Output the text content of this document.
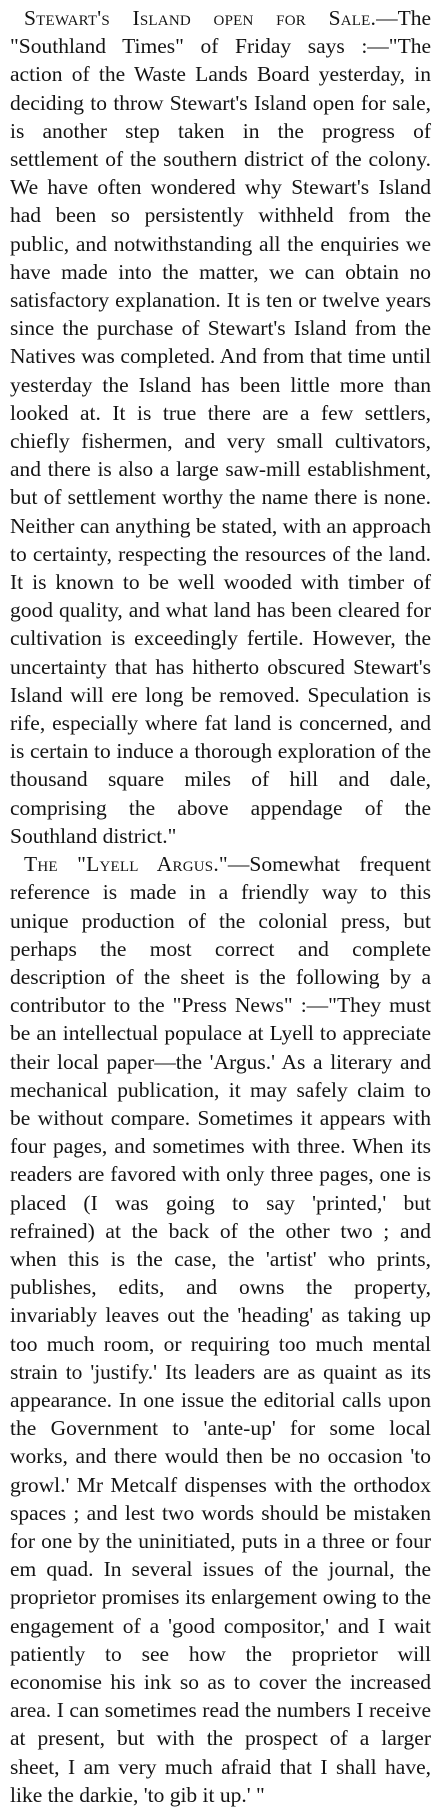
Stewart's Island open for Sale.—The "Southland Times" of Friday says :—"The action of the Waste Lands Board yesterday, in deciding to throw Stewart's Island open for sale, is another step taken in the progress of settlement of the southern district of the colony. We have often wondered why Stewart's Island had been so persistently withheld from the public, and notwithstanding all the enquiries we have made into the matter, we can obtain no satisfactory explanation. It is ten or twelve years since the purchase of Stewart's Island from the Natives was completed. And from that time until yesterday the Island has been little more than looked at. It is true there are a few settlers, chiefly fishermen, and very small cultivators, and there is also a large saw-mill establishment, but of settlement worthy the name there is none. Neither can anything be stated, with an approach to certainty, respecting the resources of the land. It is known to be well wooded with timber of good quality, and what land has been cleared for cultivation is exceedingly fertile. However, the uncertainty that has hitherto obscured Stewart's Island will ere long be removed. Speculation is rife, especially where fat land is concerned, and is certain to induce a thorough exploration of the thousand square miles of hill and dale, comprising the above appendage of the Southland district."

The "Lyell Argus."—Somewhat frequent reference is made in a friendly way to this unique production of the colonial press, but perhaps the most correct and complete description of the sheet is the following by a contributor to the "Press News" :—"They must be an intellectual populace at Lyell to appreciate their local paper—the 'Argus.' As a literary and mechanical publication, it may safely claim to be without compare. Sometimes it appears with four pages, and sometimes with three. When its readers are favored with only three pages, one is placed (I was going to say 'printed,' but refrained) at the back of the other two ; and when this is the case, the 'artist' who prints, publishes, edits, and owns the property, invariably leaves out the 'heading' as taking up too much room, or requiring too much mental strain to 'justify.' Its leaders are as quaint as its appearance. In one issue the editorial calls upon the Government to 'ante-up' for some local works, and there would then be no occasion 'to growl.' Mr Metcalf dispenses with the orthodox spaces ; and lest two words should be mistaken for one by the uninitiated, puts in a three or four em quad. In several issues of the journal, the proprietor promises its enlargement owing to the engagement of a 'good compositor,' and I wait patiently to see how the proprietor will economise his ink so as to cover the increased area. I can sometimes read the numbers I receive at present, but with the prospect of a larger sheet, I am very much afraid that I shall have, like the darkie, 'to gib it up.' "
